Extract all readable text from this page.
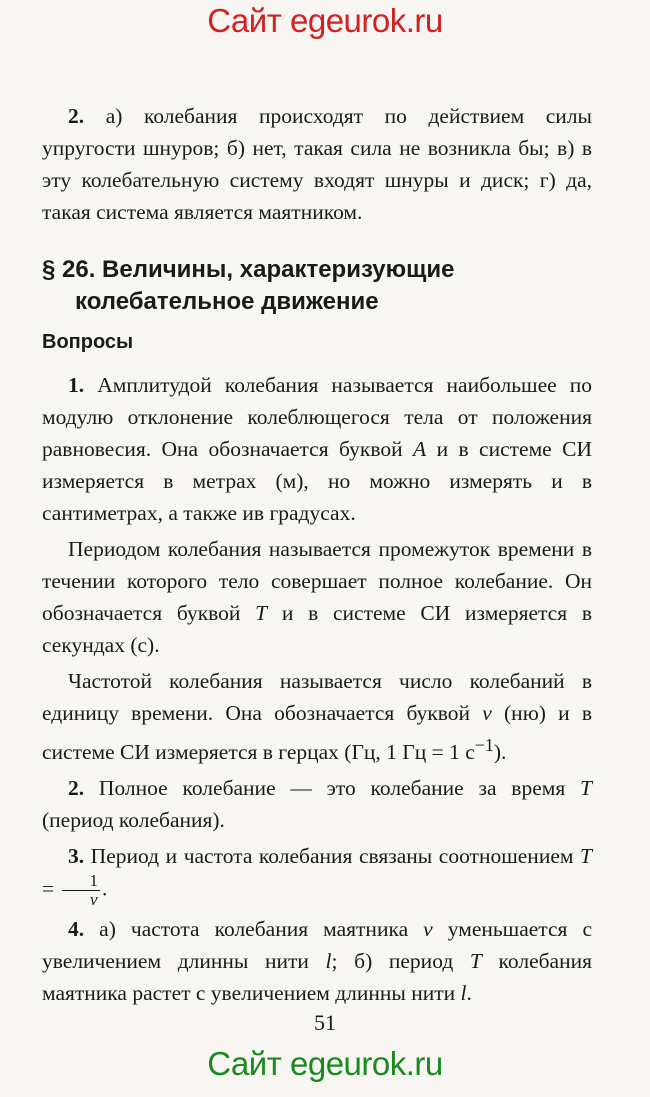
Сайт egeurok.ru

2. а) колебания происходят по действием силы упругости шнуров; б) нет, такая сила не возникла бы; в) в эту колебательную систему входят шнуры и диск; г) да, такая система является маятником.

§ 26. Величины, характеризующие
колебательное движение
Вопросы

1. Амплитудой колебания называется наибольшее по модулю отклонение колеблющегося тела от положения равновесия. Она обозначается буквой A и в системе СИ измеряется в метрах (м), но можно измерять и в сантиметрах, а также ив градусах.

Периодом колебания называется промежуток времени в течении которого тело совершает полное колебание. Он обозначается буквой T и в системе СИ измеряется в секундах (с).

Частотой колебания называется число колебаний в единицу времени. Она обозначается буквой ν (ню) и в системе СИ измеряется в герцах (Гц, 1 Гц = 1 $с^{-1}$).

2. Полное колебание — это колебание за время T (период колебания).

3. Период и частота колебания связаны соотношением $T = \frac{1}{\nu}$ .

4. а) частота колебания маятника ν уменьшается с увеличением длинны нити l; б) период T колебания маятника растет с увеличением длинны нити l.

51
Сайт egeurok.ru
